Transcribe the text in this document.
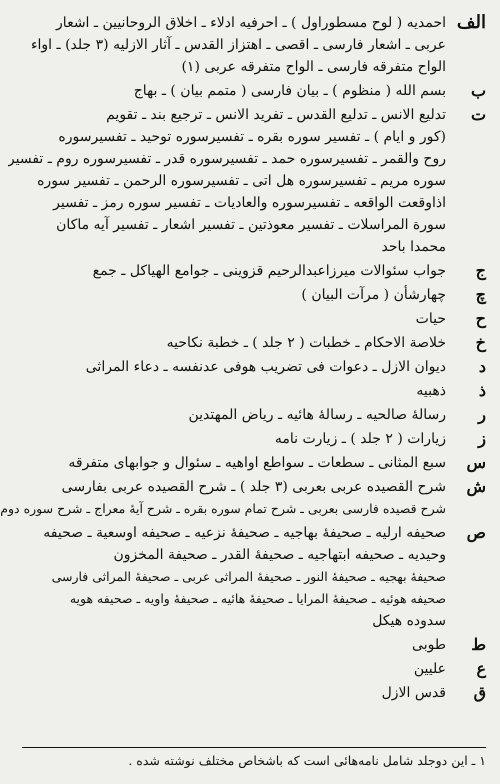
الف
احمدیه ( لوح مسطوراول ) ـ احرفیه ادلاء ـ اخلاق الروحانیین ـ اشعار
عربی ـ اشعار فارسی ـ اقصی ـ اهتزاز القدس ـ آثار الازلیه (٣ جلد) ـ اواء
الواح متفرقه فارسی ـ الواح متفرقه عربی (١)
ب
بسم الله ( منظوم ) ـ بیان فارسی ( متمم بیان ) ـ بهاج
ت
تدلیع الانس ـ تدلیع القدس ـ تفرید الانس ـ ترجیع بند ـ تقویم
(کور و ایام ) ـ تفسیر سوره بقره ـ تفسیرسوره توحید ـ تفسیرسوره
روح والقمر ـ تفسیرسوره حمد ـ تفسیرسوره قدر ـ تفسیرسوره روم ـ تفسیر
سوره مریم ـ تفسیرسوره هل اتی ـ تفسیرسوره الرحمن ـ تفسیر سوره
اذاوقعت الواقعه ـ تفسیرسوره والعادیات ـ تفسیر سوره رمز ـ تفسیر
سورة المراسلات ـ تفسیر معوذتین ـ تفسیر اشعار ـ تفسیر آیه ماکان
محمدا باحد
ج
جواب سئوالات میرزاعبدالرحیم قزوینی ـ جوامع الهیاکل ـ جمع
چ
چهارشأن ( مرآت البیان )
ح
حیات
خ
خلاصة الاحکام ـ خطبات ( ٢ جلد ) ـ خطبة نکاحیه
د
دیوان الازل ـ دعوات فی تضریب هوفی عدنفسه ـ دعاء المراثی
ذ
ذهبیه
ر
رسالهٔ صالحیه ـ رسالهٔ هائیه ـ ریاض المهتدین
ز
زیارات ( ٢ جلد ) ـ زیارت نامه
س
سبع المثانی ـ سطعات ـ سواطع اواهیه ـ سئوال و جوابهای متفرقه
ش
شرح القصیده عربی بعربی (٣ جلد ) ـ شرح القصیده عربی بفارسی
شرح قصیده فارسی بعربی ـ شرح تمام سوره بقره ـ شرح آیهٔ معراج ـ شرح سوره دوم
ص
صحیفه ارلیه ـ صحیفهٔ بهاجیه ـ صحیفهٔ نزعیه ـ صحیفه اوسعیة ـ صحیفه
وحیدیه ـ صحیفه ابتهاجیه ـ صحیفهٔ القدر ـ صحیفة المخزون
صحیفهٔ بهجیه ـ صحیفهٔ النور ـ صحیفهٔ المراثی عربی ـ صحیفهٔ المراثی فارسی
صحیفه هوئیه ـ صحیفهٔ المرایا ـ صحیفهٔ هائیه ـ صحیفهٔ واویه ـ صحیفه هویه
سدوده هیکل
ط
طوبی
ع
علیین
ق
قدس الازل
١ ـ این دوجلد شامل نامه‌هائی است که باشخاص مختلف نوشته شده .
